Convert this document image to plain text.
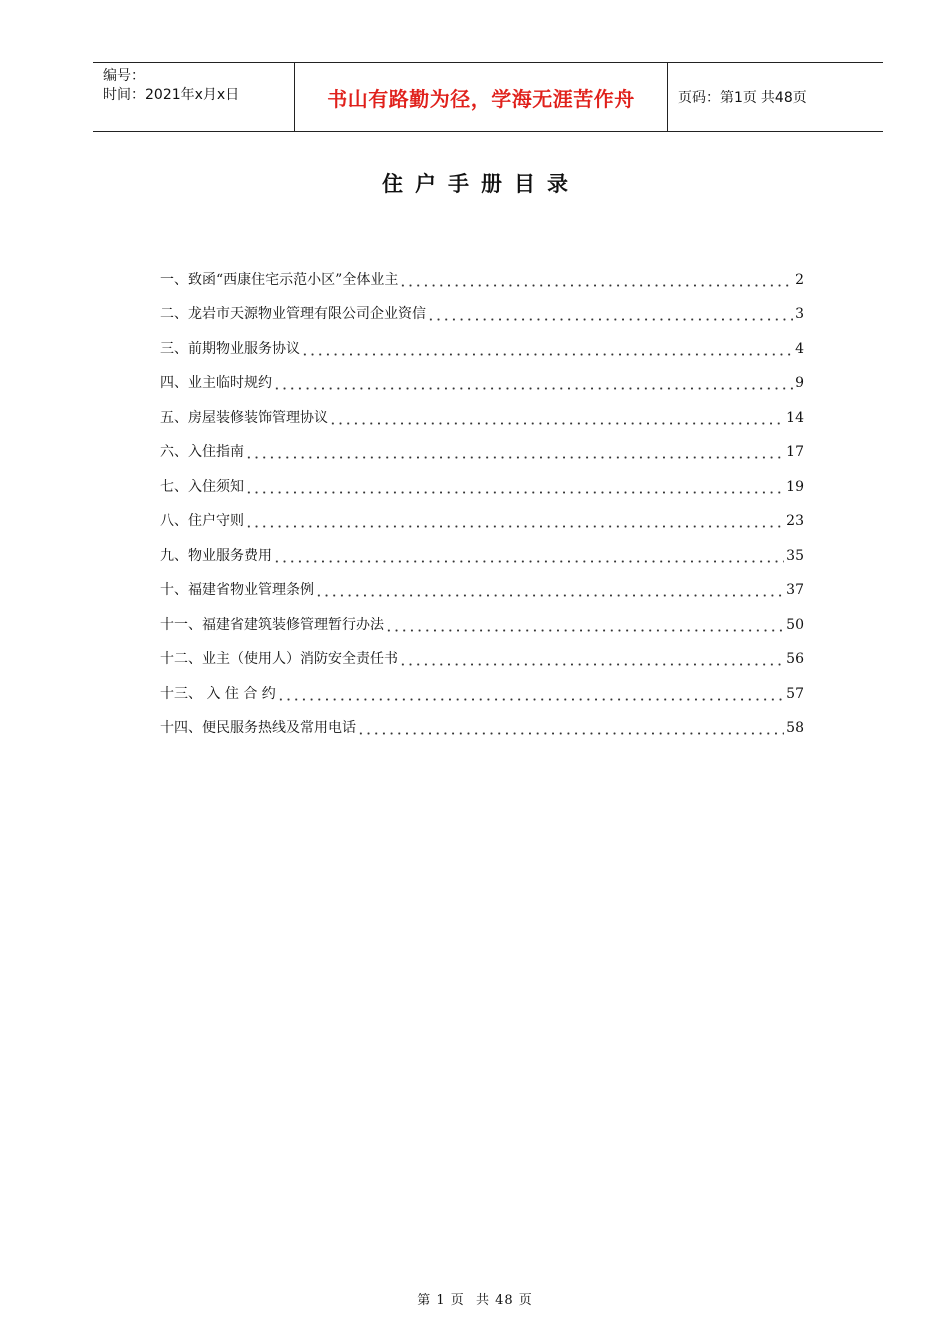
编号：
时间：2021年x月x日	书山有路勤为径，学海无涯苦作舟	页码：第1页 共48页
住户手册目录
一、致函“西康住宅示范小区”全体业主	2
二、龙岩市天源物业管理有限公司企业资信	3
三、前期物业服务协议	4
四、业主临时规约	9
五、房屋装修装饰管理协议	14
六、入住指南	17
七、入住须知	19
八、住户守则	23
九、物业服务费用	35
十、福建省物业管理条例	37
十一、福建省建筑装修管理暂行办法	50
十二、业主（使用人）消防安全责任书	56
十三、 入 住 合 约	57
十四、便民服务热线及常用电话	58
第 1 页 共 48 页
